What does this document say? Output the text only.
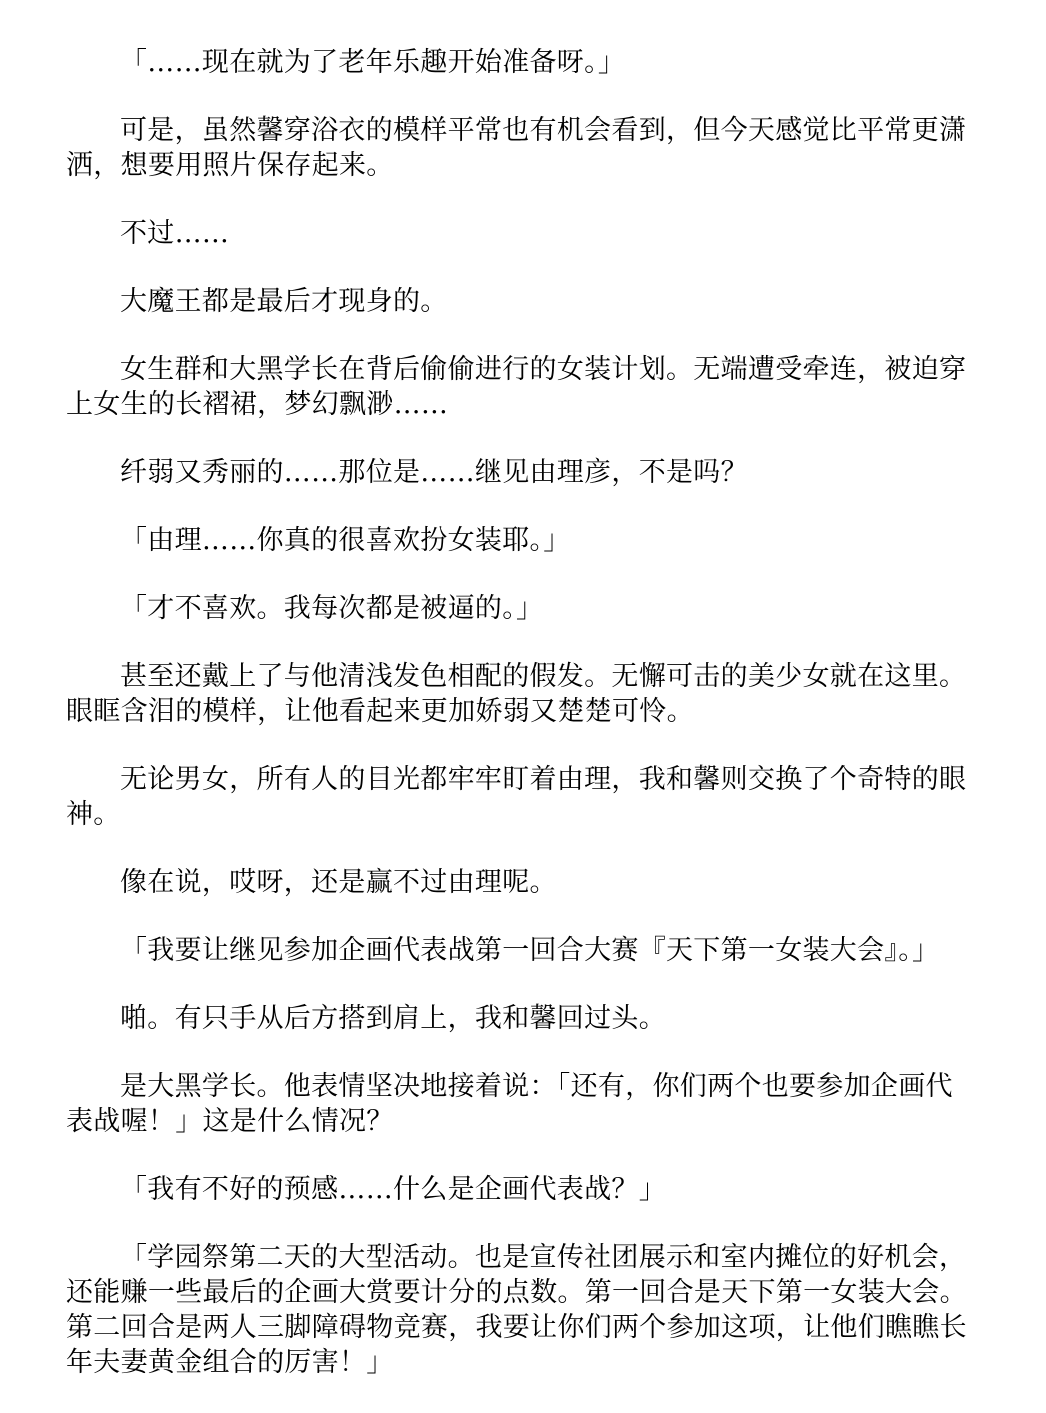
「……现在就为了老年乐趣开始准备呀。」

可是，虽然馨穿浴衣的模样平常也有机会看到，但今天感觉比平常更潇洒，想要用照片保存起来。

不过……

大魔王都是最后才现身的。

女生群和大黑学长在背后偷偷进行的女装计划。无端遭受牵连，被迫穿上女生的长褶裙，梦幻飘渺……

纤弱又秀丽的……那位是……继见由理彦，不是吗？

「由理……你真的很喜欢扮女装耶。」

「才不喜欢。我每次都是被逼的。」

甚至还戴上了与他清浅发色相配的假发。无懈可击的美少女就在这里。眼眶含泪的模样，让他看起来更加娇弱又楚楚可怜。

无论男女，所有人的目光都牢牢盯着由理，我和馨则交换了个奇特的眼神。

像在说，哎呀，还是赢不过由理呢。

「我要让继见参加企画代表战第一回合大赛『天下第一女装大会』。」

啪。有只手从后方搭到肩上，我和馨回过头。

是大黑学长。他表情坚决地接着说：「还有，你们两个也要参加企画代表战喔！」这是什么情况？

「我有不好的预感……什么是企画代表战？」

「学园祭第二天的大型活动。也是宣传社团展示和室内摊位的好机会，还能赚一些最后的企画大赏要计分的点数。第一回合是天下第一女装大会。第二回合是两人三脚障碍物竞赛，我要让你们两个参加这项，让他们瞧瞧长年夫妻黄金组合的厉害！」
